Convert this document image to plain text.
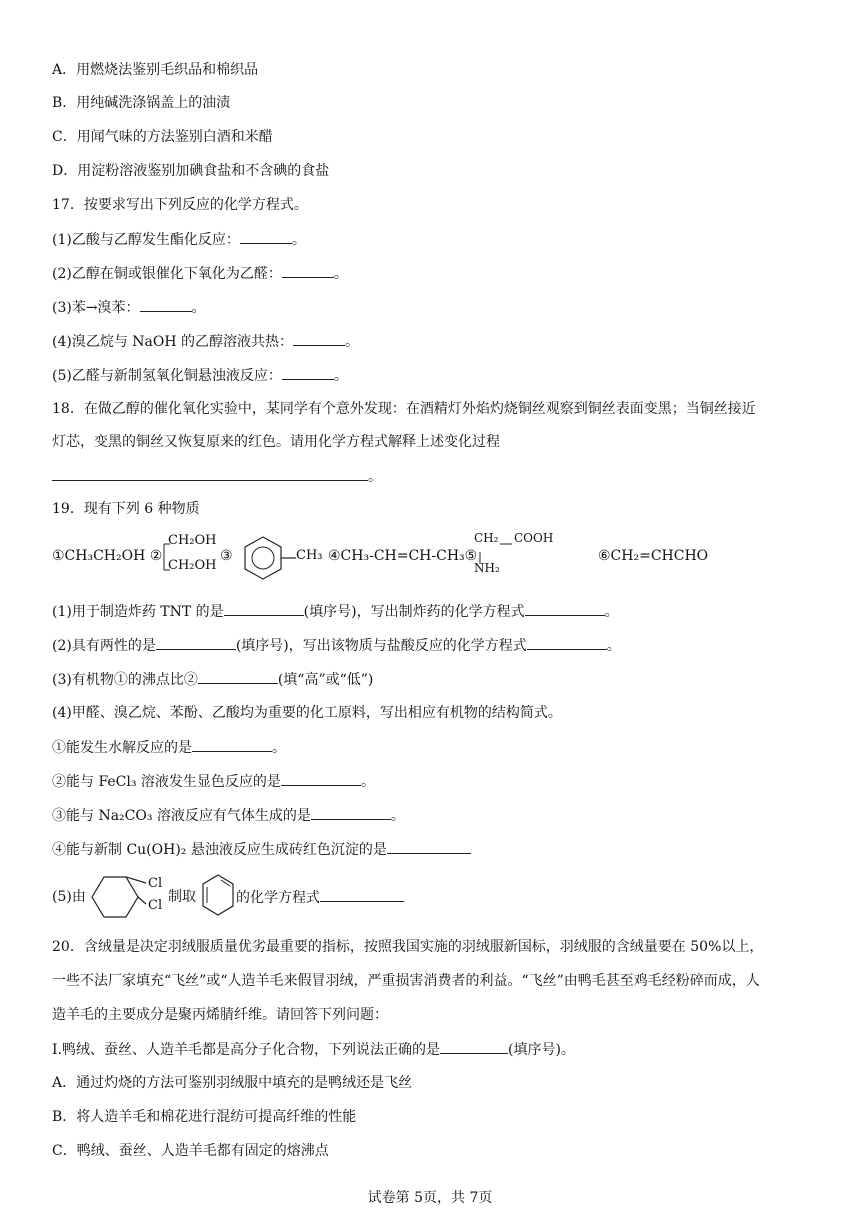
A．用燃烧法鉴别毛织品和棉织品
B．用纯碱洗涤锅盖上的油渍
C．用闻气味的方法鉴别白酒和米醋
D．用淀粉溶液鉴别加碘食盐和不含碘的食盐
17．按要求写出下列反应的化学方程式。
(1)乙酸与乙醇发生酯化反应：	。
(2)乙醇在铜或银催化下氧化为乙醛：	。
(3)苯→溴苯：	。
(4)溴乙烷与 NaOH 的乙醇溶液共热：	。
(5)乙醛与新制氢氧化铜悬浊液反应：	。
18．在做乙醇的催化氧化实验中，某同学有个意外发现：在酒精灯外焰灼烧铜丝观察到铜丝表面变黑；当铜丝接近
灯芯，变黑的铜丝又恢复原来的红色。请用化学方程式解释上述变化过程
。
19．现有下列 6 种物质
①CH₃CH₂OH ②
CH₂OH
CH₂OH
③	CH₃ ④CH₃-CH=CH-CH₃⑤
CH₂ COOH
NH₂
⑥CH₂=CHCHO
(1)用于制造炸药 TNT 的是	(填序号)，写出制炸药的化学方程式	。
(2)具有两性的是	(填序号)，写出该物质与盐酸反应的化学方程式	。
(3)有机物①的沸点比②	(填“高”或“低”)
(4)甲醛、溴乙烷、苯酚、乙酸均为重要的化工原料，写出相应有机物的结构简式。
①能发生水解反应的是	。
②能与 FeCl₃ 溶液发生显色反应的是	。
③能与 Na₂CO₃ 溶液反应有气体生成的是	。
④能与新制 Cu(OH)₂ 悬浊液反应生成砖红色沉淀的是
(5)由
Cl
Cl
制取	的化学方程式
20．含绒量是决定羽绒服质量优劣最重要的指标，按照我国实施的羽绒服新国标，羽绒服的含绒量要在 50%以上，
一些不法厂家填充“飞丝”或“人造羊毛来假冒羽绒，严重损害消费者的利益。“飞丝”由鸭毛甚至鸡毛经粉碎而成，人
造羊毛的主要成分是聚丙烯腈纤维。请回答下列问题：
I.鸭绒、蚕丝、人造羊毛都是高分子化合物，下列说法正确的是	(填序号)。
A．通过灼烧的方法可鉴别羽绒服中填充的是鸭绒还是飞丝
B．将人造羊毛和棉花进行混纺可提高纤维的性能
C．鸭绒、蚕丝、人造羊毛都有固定的熔沸点
试卷第 5页，共 7页
